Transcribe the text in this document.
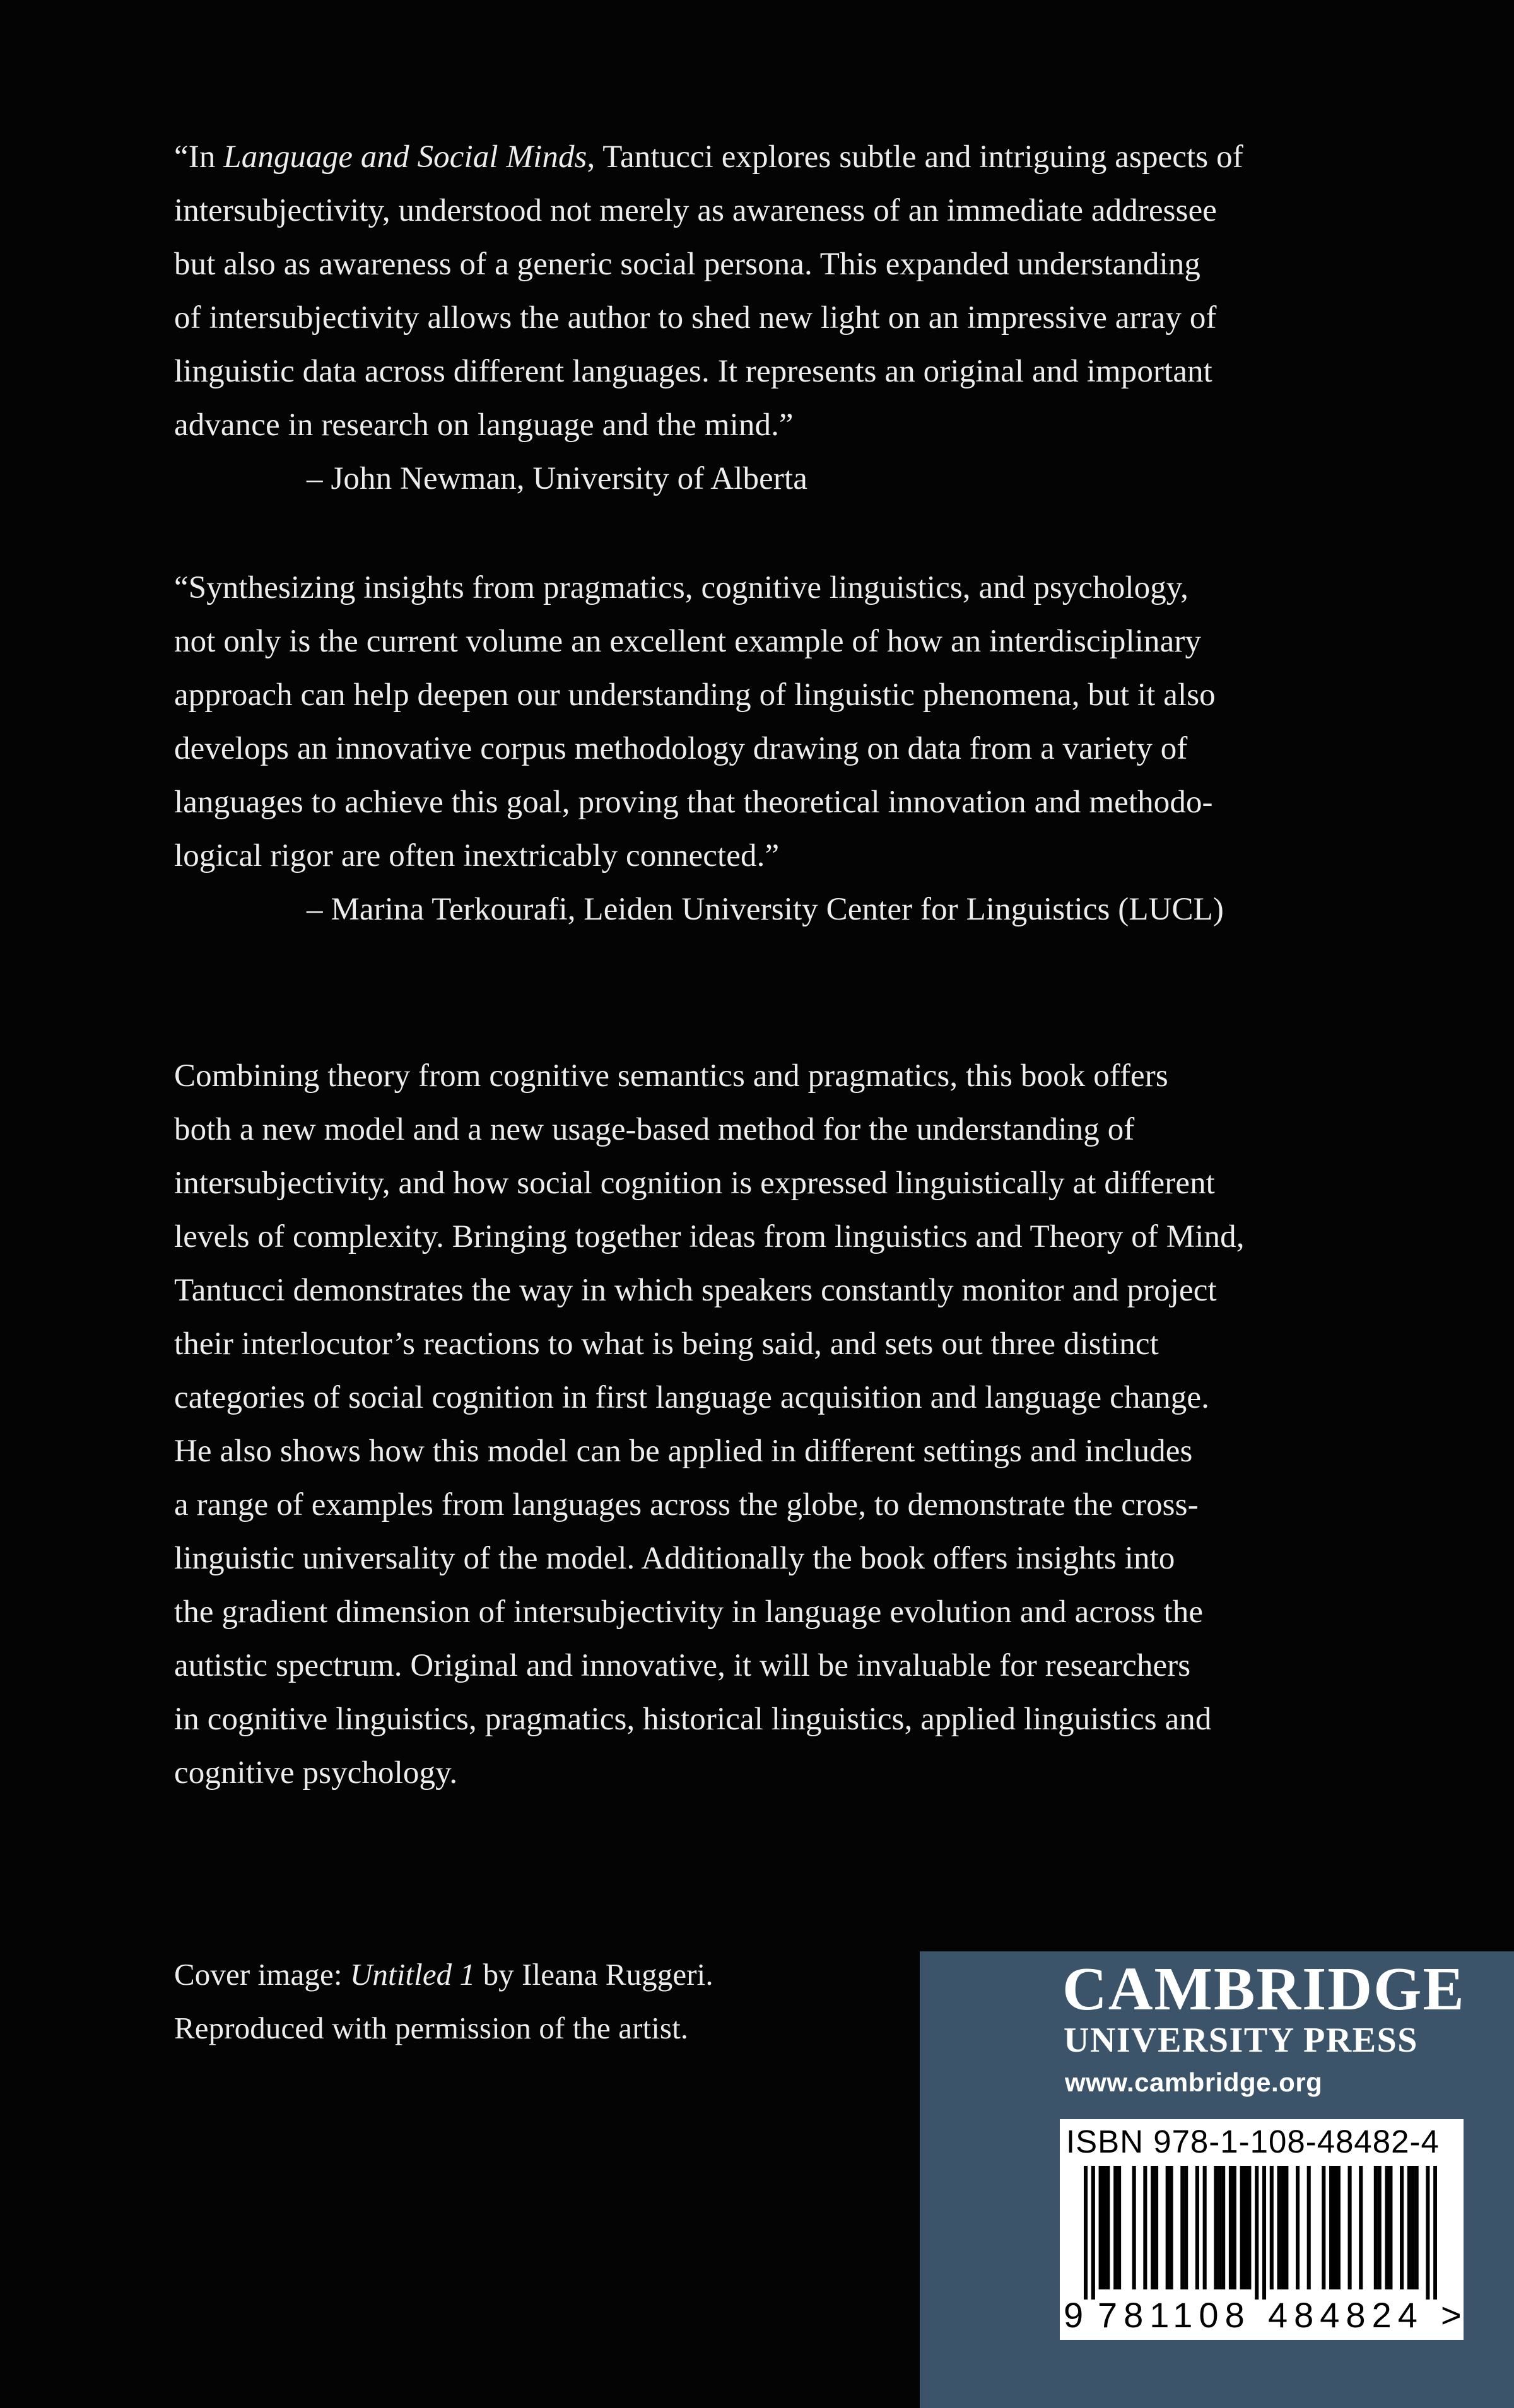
“In Language and Social Minds, Tantucci explores subtle and intriguing aspects of
intersubjectivity, understood not merely as awareness of an immediate addressee
but also as awareness of a generic social persona. This expanded understanding
of intersubjectivity allows the author to shed new light on an impressive array of
linguistic data across different languages. It represents an original and important
advance in research on language and the mind.”
– John Newman, University of Alberta
“Synthesizing insights from pragmatics, cognitive linguistics, and psychology,
not only is the current volume an excellent example of how an interdisciplinary
approach can help deepen our understanding of linguistic phenomena, but it also
develops an innovative corpus methodology drawing on data from a variety of
languages to achieve this goal, proving that theoretical innovation and methodo-
logical rigor are often inextricably connected.”
– Marina Terkourafi, Leiden University Center for Linguistics (LUCL)
Combining theory from cognitive semantics and pragmatics, this book offers
both a new model and a new usage-based method for the understanding of
intersubjectivity, and how social cognition is expressed linguistically at different
levels of complexity. Bringing together ideas from linguistics and Theory of Mind,
Tantucci demonstrates the way in which speakers constantly monitor and project
their interlocutor’s reactions to what is being said, and sets out three distinct
categories of social cognition in first language acquisition and language change.
He also shows how this model can be applied in different settings and includes
a range of examples from languages across the globe, to demonstrate the cross-
linguistic universality of the model. Additionally the book offers insights into
the gradient dimension of intersubjectivity in language evolution and across the
autistic spectrum. Original and innovative, it will be invaluable for researchers
in cognitive linguistics, pragmatics, historical linguistics, applied linguistics and
cognitive psychology.
Cover image: Untitled 1 by Ileana Ruggeri.
Reproduced with permission of the artist.
CAMBRIDGE
UNIVERSITY PRESS
www.cambridge.org
ISBN 978-1-108-48482-4
9 781108 484824 >
